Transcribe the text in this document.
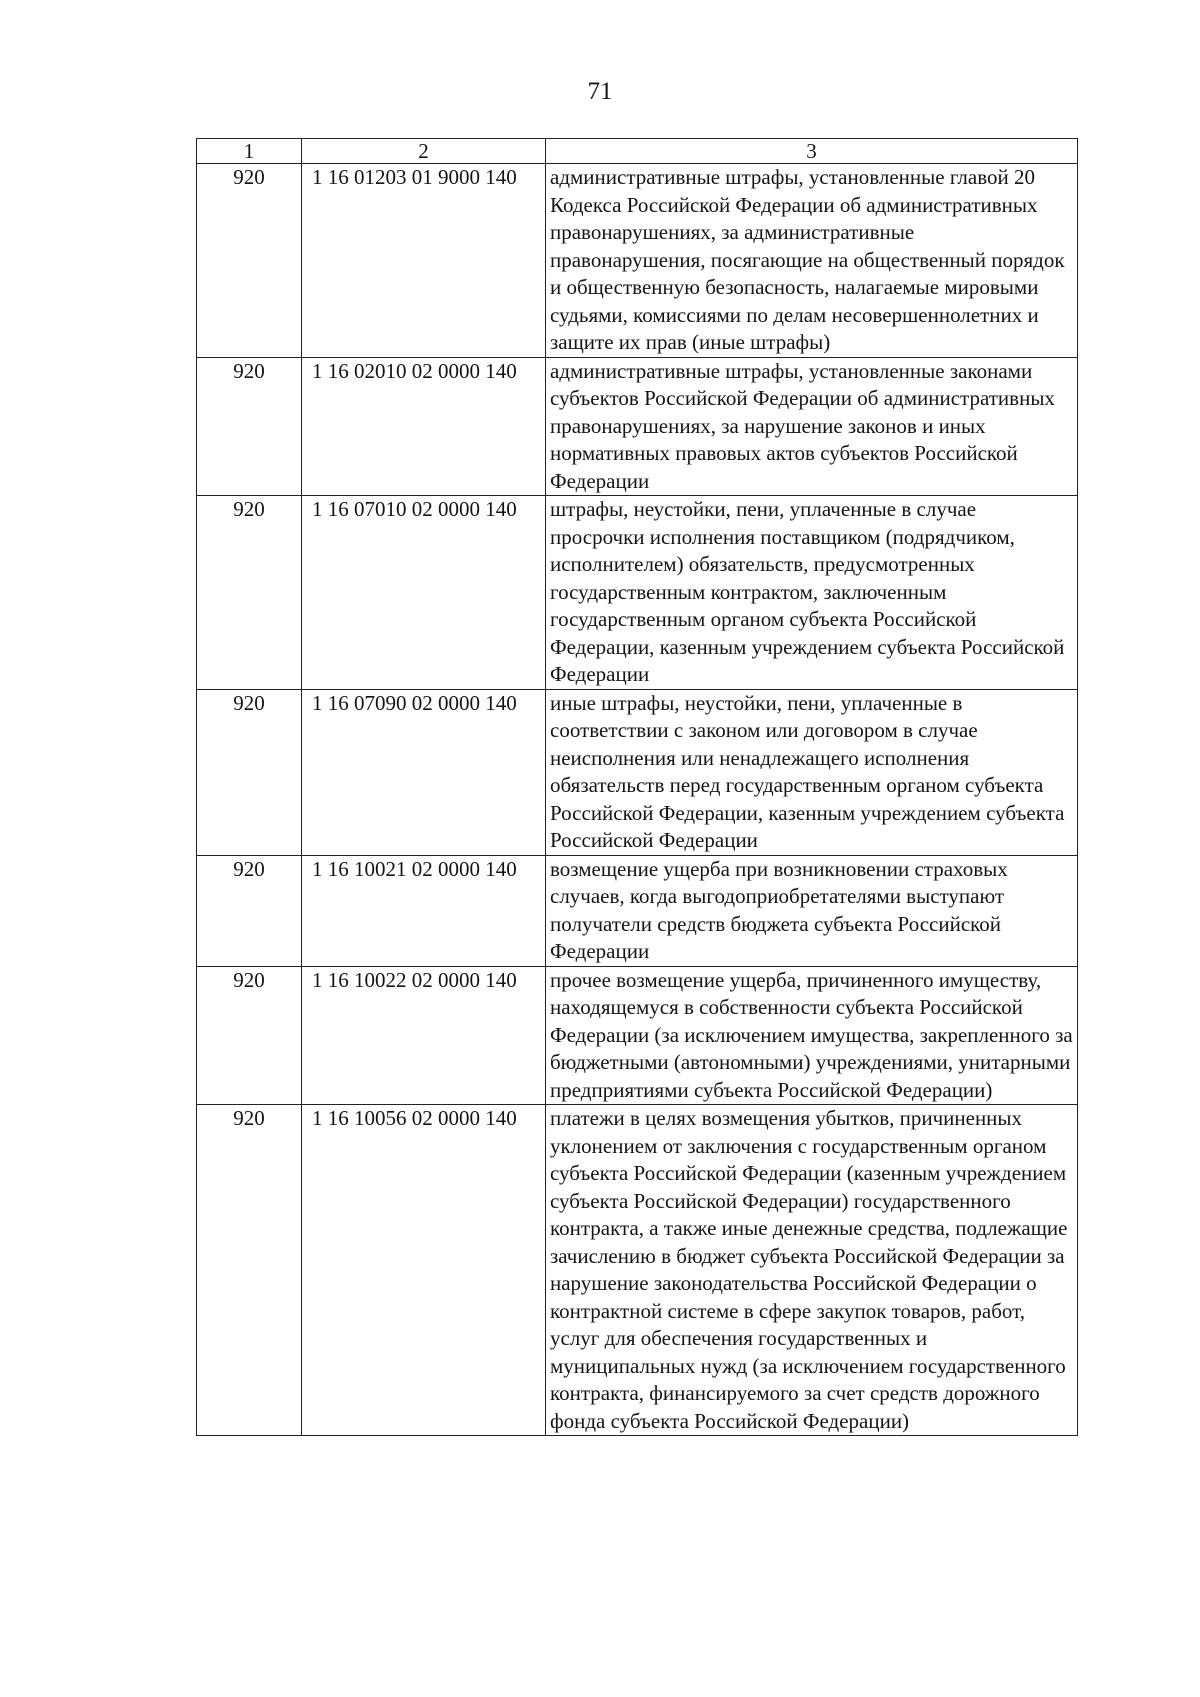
71
1	2	3
920	1 16 01203 01 9000 140	административные штрафы, установленные главой 20 Кодекса Российской Федерации об административных правонарушениях, за административные правонарушения, посягающие на общественный порядок и общественную безопасность, налагаемые мировыми судьями, комиссиями по делам несовершеннолетних и защите их прав (иные штрафы)
920	1 16 02010 02 0000 140	административные штрафы, установленные законами субъектов Российской Федерации об административных правонарушениях, за нарушение законов и иных нормативных правовых актов субъектов Российской Федерации
920	1 16 07010 02 0000 140	штрафы, неустойки, пени, уплаченные в случае просрочки исполнения поставщиком (подрядчиком, исполнителем) обязательств, предусмотренных государственным контрактом, заключенным государственным органом субъекта Российской Федерации, казенным учреждением субъекта Российской Федерации
920	1 16 07090 02 0000 140	иные штрафы, неустойки, пени, уплаченные в соответствии с законом или договором в случае неисполнения или ненадлежащего исполнения обязательств перед государственным органом субъекта Российской Федерации, казенным учреждением субъекта Российской Федерации
920	1 16 10021 02 0000 140	возмещение ущерба при возникновении страховых случаев, когда выгодоприобретателями выступают получатели средств бюджета субъекта Российской Федерации
920	1 16 10022 02 0000 140	прочее возмещение ущерба, причиненного имуществу, находящемуся в собственности субъекта Российской Федерации (за исключением имущества, закрепленного за бюджетными (автономными) учреждениями, унитарными предприятиями субъекта Российской Федерации)
920	1 16 10056 02 0000 140	платежи в целях возмещения убытков, причиненных уклонением от заключения с государственным органом субъекта Российской Федерации (казенным учреждением субъекта Российской Федерации) государственного контракта, а также иные денежные средства, подлежащие зачислению в бюджет субъекта Российской Федерации за нарушение законодательства Российской Федерации о контрактной системе в сфере закупок товаров, работ, услуг для обеспечения государственных и муниципальных нужд (за исключением государственного контракта, финансируемого за счет средств дорожного фонда субъекта Российской Федерации)
